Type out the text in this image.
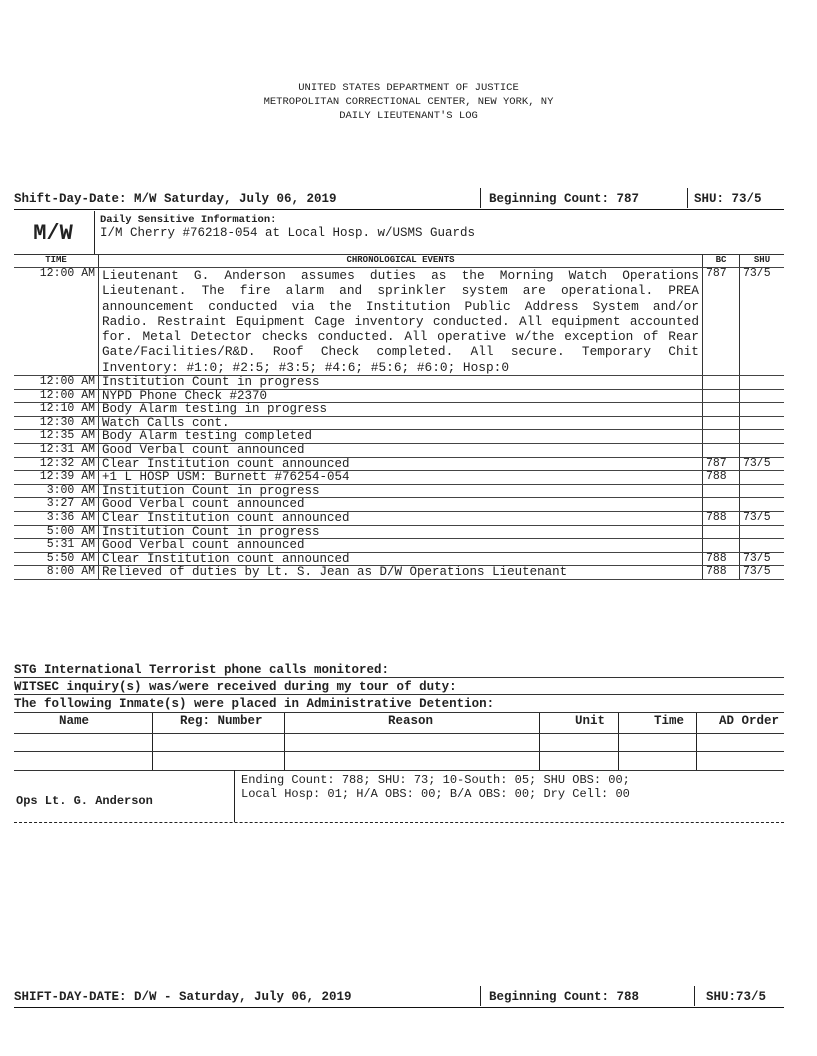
UNITED STATES DEPARTMENT OF JUSTICE
METROPOLITAN CORRECTIONAL CENTER, NEW YORK, NY
DAILY LIEUTENANT'S LOG
Shift-Day-Date: M/W Saturday, July 06, 2019	Beginning Count: 787	SHU: 73/5
M/W
Daily Sensitive Information:
I/M Cherry #76218-054 at Local Hosp. w/USMS Guards
TIME	CHRONOLOGICAL EVENTS	BC	SHU
12:00 AM	Lieutenant G. Anderson assumes duties as the Morning Watch Operations Lieutenant. The fire alarm and sprinkler system are operational. PREA announcement conducted via the Institution Public Address System and/or Radio. Restraint Equipment Cage inventory conducted. All equipment accounted for. Metal Detector checks conducted. All operative w/the exception of Rear Gate/Facilities/R&D. Roof Check completed. All secure. Temporary Chit Inventory: #1:0; #2:5; #3:5; #4:6; #5:6; #6:0; Hosp:0	787	73/5
12:00 AM	Institution Count in progress		
12:00 AM	NYPD Phone Check #2370		
12:10 AM	Body Alarm testing in progress		
12:30 AM	Watch Calls cont.		
12:35 AM	Body Alarm testing completed		
12:31 AM	Good Verbal count announced		
12:32 AM	Clear Institution count announced	787	73/5
12:39 AM	+1 L HOSP USM: Burnett #76254-054	788	
3:00 AM	Institution Count in progress		
3:27 AM	Good Verbal count announced		
3:36 AM	Clear Institution count announced	788	73/5
5:00 AM	Institution Count in progress		
5:31 AM	Good Verbal count announced		
5:50 AM	Clear Institution count announced	788	73/5
8:00 AM	Relieved of duties by Lt. S. Jean as D/W Operations Lieutenant	788	73/5
STG International Terrorist phone calls monitored:
WITSEC inquiry(s) was/were received during my tour of duty:
The following Inmate(s) were placed in Administrative Detention:
Name	Reg: Number	Reason	Unit	Time	AD Order
Ops Lt. G. Anderson
Ending Count: 788; SHU: 73; 10-South: 05; SHU OBS: 00;
Local Hosp: 01; H/A OBS: 00; B/A OBS: 00; Dry Cell: 00
SHIFT-DAY-DATE: D/W - Saturday, July 06, 2019	Beginning Count: 788	SHU:73/5
